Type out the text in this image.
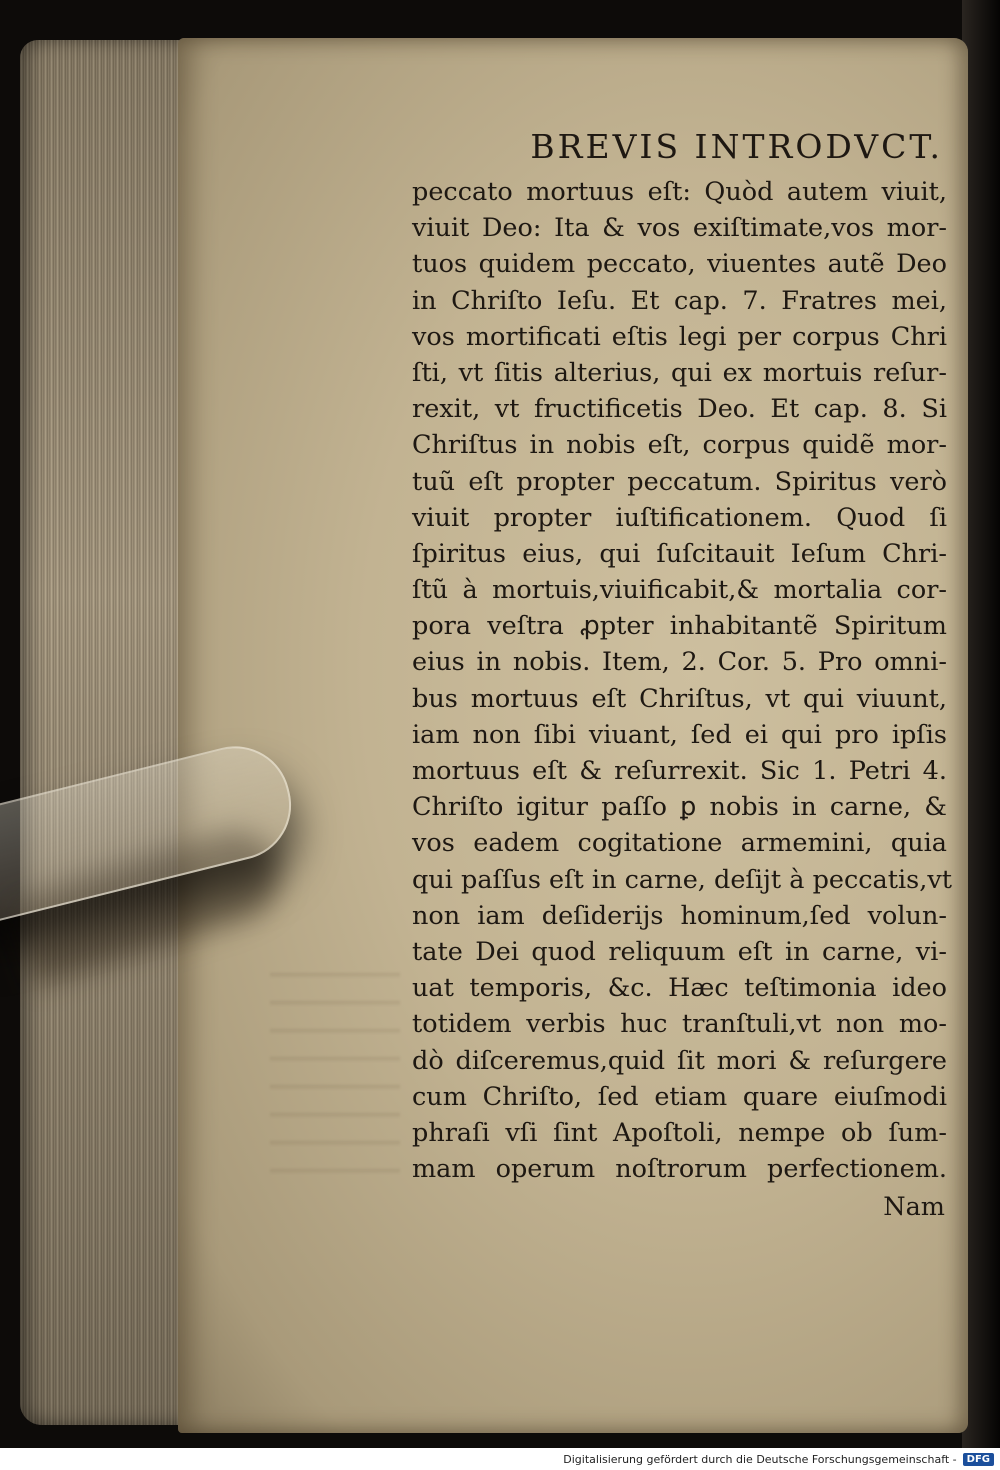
BREVIS INTRODVCT.
peccato mortuus eſt: Quòd autem viuit,
viuit Deo: Ita & vos exiſtimate,vos mor-
tuos quidem peccato, viuentes autẽ Deo
in Chriſto Ieſu. Et cap. 7. Fratres mei,
vos mortificati eſtis legi per corpus Chri
ſti, vt ſitis alterius, qui ex mortuis reſur-
rexit, vt fructificetis Deo. Et cap. 8. Si
Chriſtus in nobis eſt, corpus quidẽ mor-
tuũ eſt propter peccatum. Spiritus verò
viuit propter iuſtificationem. Quod ſi
ſpiritus eius, qui ſuſcitauit Ieſum Chri-
ſtũ à mortuis,viuificabit,& mortalia cor-
pora veſtra ꝓpter inhabitantẽ Spiritum
eius in nobis. Item, 2. Cor. 5. Pro omni-
bus mortuus eſt Chriſtus, vt qui viuunt,
iam non ſibi viuant, ſed ei qui pro ipſis
mortuus eſt & reſurrexit. Sic 1. Petri 4.
Chriſto igitur paſſo ꝑ nobis in carne, &
vos eadem cogitatione armemini, quia
qui paſſus eſt in carne, deſijt à peccatis,vt
non iam deſiderijs hominum,ſed volun-
tate Dei quod reliquum eſt in carne, vi-
uat temporis, &c. Hæc teſtimonia ideo
totidem verbis huc tranſtuli,vt non mo-
dò diſceremus,quid ſit mori & reſurgere
cum Chriſto, ſed etiam quare eiuſmodi
phraſi vſi ſint Apoſtoli, nempe ob ſum-
mam operum noſtrorum perfectionem.
Nam
Digitalisierung gefördert durch die Deutsche Forschungsgemeinschaft -	DFG
